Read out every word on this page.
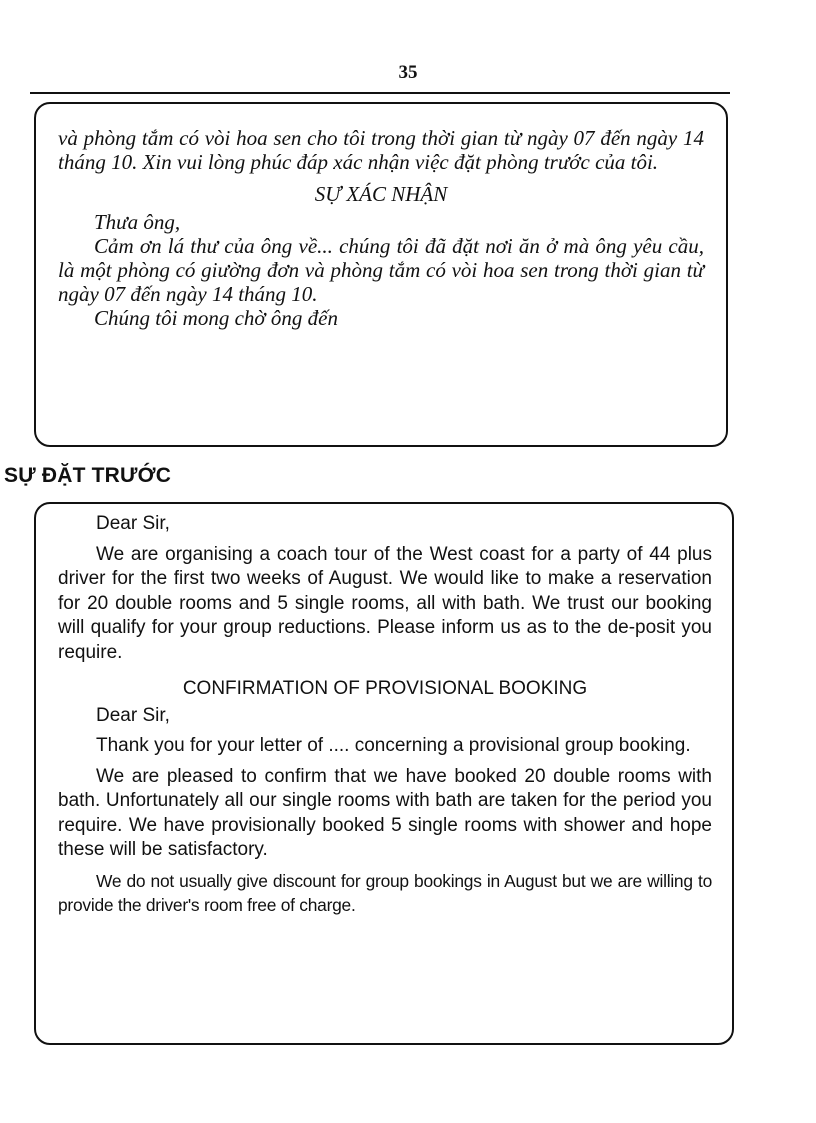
35

và phòng tắm có vòi hoa sen cho tôi trong thời gian từ ngày 07 đến ngày 14 tháng 10. Xin vui lòng phúc đáp xác nhận việc đặt phòng trước của tôi.

SỰ XÁC NHẬN

Thưa ông,

Cảm ơn lá thư của ông về... chúng tôi đã đặt nơi ăn ở mà ông yêu cầu, là một phòng có giường đơn và phòng tắm có vòi hoa sen trong thời gian từ ngày 07 đến ngày 14 tháng 10.

Chúng tôi mong chờ ông đến

SỰ ĐẶT TRƯỚC

Dear Sir,

We are organising a coach tour of the West coast for a party of 44 plus driver for the first two weeks of August. We would like to make a reservation for 20 double rooms and 5 single rooms, all with bath. We trust our booking will qualify for your group reductions. Please inform us as to the de-posit you require.

CONFIRMATION OF PROVISIONAL BOOKING

Dear Sir,

Thank you for your letter of .... concerning a provisional group booking.

We are pleased to confirm that we have booked 20 double rooms with bath. Unfortunately all our single rooms with bath are taken for the period you require. We have provisionally booked 5 single rooms with shower and hope these will be satisfactory.

We do not usually give discount for group bookings in August but we are willing to provide the driver's room free of charge.
